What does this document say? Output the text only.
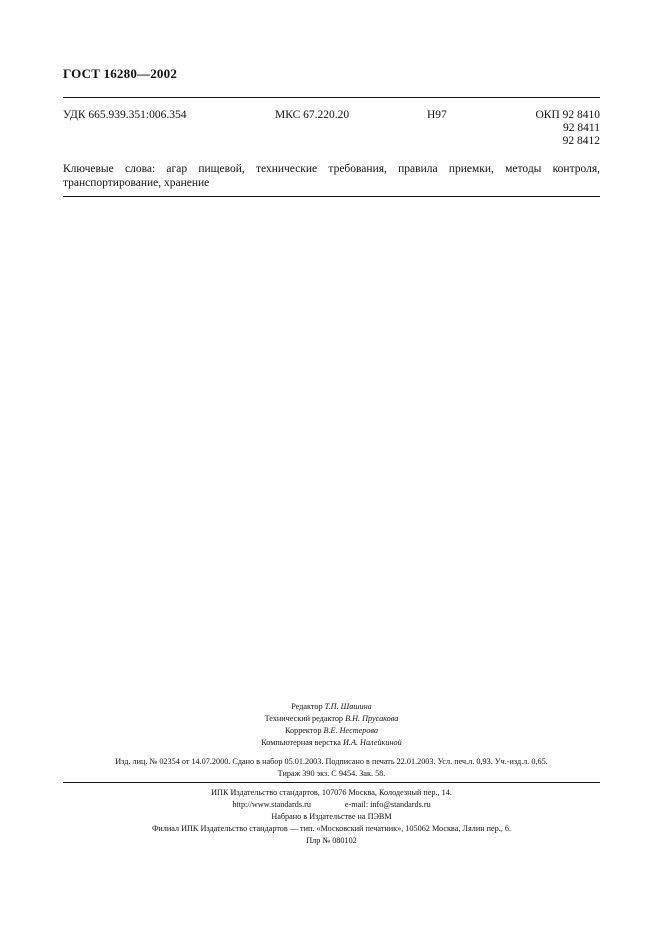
ГОСТ 16280—2002
УДК 665.939.351:006.354	МКС 67.220.20	Н97	ОКП 92 8410
92 8411
92 8412
Ключевые слова: агар пищевой, технические требования, правила приемки, методы контроля,
транспортирование, хранение
Редактор Т.П. Шашина
Технический редактор В.Н. Прусакова
Корректор В.Е. Нестерова
Компьютерная верстка И.А. Налейкиной
Изд. лиц. № 02354 от 14.07.2000. Сдано в набор 05.01.2003. Подписано в печать 22.01.2003. Усл. печ.л. 0,93. Уч.-изд.л. 0,65.
Тираж 390 экз. С 9454. Зак. 58.
ИПК Издательство стандартов, 107076 Москва, Колодезный пер., 14.
http://www.standards.ru	e-mail: info@standards.ru
Набрано в Издательстве на ПЭВМ
Филиал ИПК Издательство стандартов — тип. «Московский печатник», 105062 Москва, Лялин пер., 6.
Плр № 080102
